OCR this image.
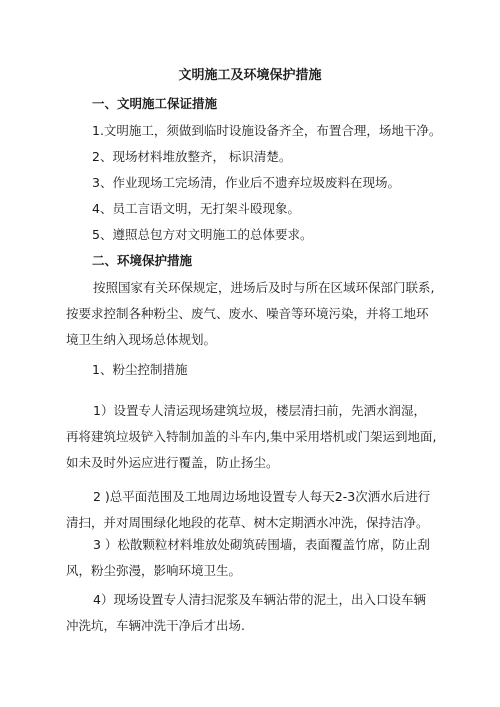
文明施工及环境保护措施
一、文明施工保证措施
1.文明施工，须做到临时设施设备齐全，布置合理，场地干净。
2、现场材料堆放整齐， 标识清楚。
3、作业现场工完场清，作业后不遗弃垃圾废料在现场。
4、员工言语文明，无打架斗殴现象。
5、遵照总包方对文明施工的总体要求。
二、环境保护措施
按照国家有关环保规定，进场后及时与所在区域环保部门联系,按要求控制各种粉尘、废气、废水、噪音等环境污染，并将工地环境卫生纳入现场总体规划。
1、粉尘控制措施
1）设置专人清运现场建筑垃圾，楼层清扫前，先洒水润湿，再将建筑垃圾铲入特制加盖的斗车内,集中采用塔机或门架运到地面,如未及时外运应进行覆盖，防止扬尘。
2 )总平面范围及工地周边场地设置专人每天2-3次洒水后进行清扫，并对周围绿化地段的花草、树木定期洒水冲洗，保持洁净。
3 ）松散颗粒材料堆放处砌筑砖围墙，表面覆盖竹席，防止刮风，粉尘弥漫，影响环境卫生。
4）现场设置专人清扫泥浆及车辆沾带的泥土，出入口设车辆冲洗坑，车辆冲洗干净后才出场.
